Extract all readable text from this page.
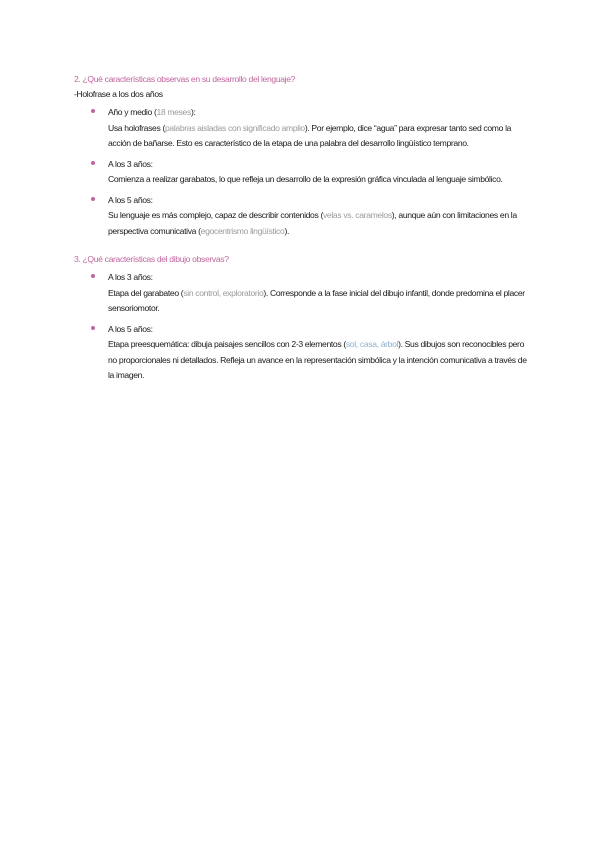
2. ¿Qué características observas en su desarrollo del lenguaje?

-Holofrase a los dos años

Año y medio (18 meses):
Usa holofrases (palabras aisladas con significado amplio). Por ejemplo, dice “agua” para expresar tanto sed como la acción de bañarse. Esto es característico de la etapa de una palabra del desarrollo lingüístico temprano.
A los 3 años:
Comienza a realizar garabatos, lo que refleja un desarrollo de la expresión gráfica vinculada al lenguaje simbólico.
A los 5 años:
Su lenguaje es más complejo, capaz de describir contenidos (velas vs. caramelos), aunque aún con limitaciones en la perspectiva comunicativa (egocentrismo lingüístico).

3. ¿Qué características del dibujo observas?

A los 3 años:
Etapa del garabateo (sin control, exploratorio). Corresponde a la fase inicial del dibujo infantil, donde predomina el placer sensoriomotor.
A los 5 años:
Etapa preesquemática: dibuja paisajes sencillos con 2-3 elementos (sol, casa, árbol). Sus dibujos son reconocibles pero no proporcionales ni detallados. Refleja un avance en la representación simbólica y la intención comunicativa a través de la imagen.
